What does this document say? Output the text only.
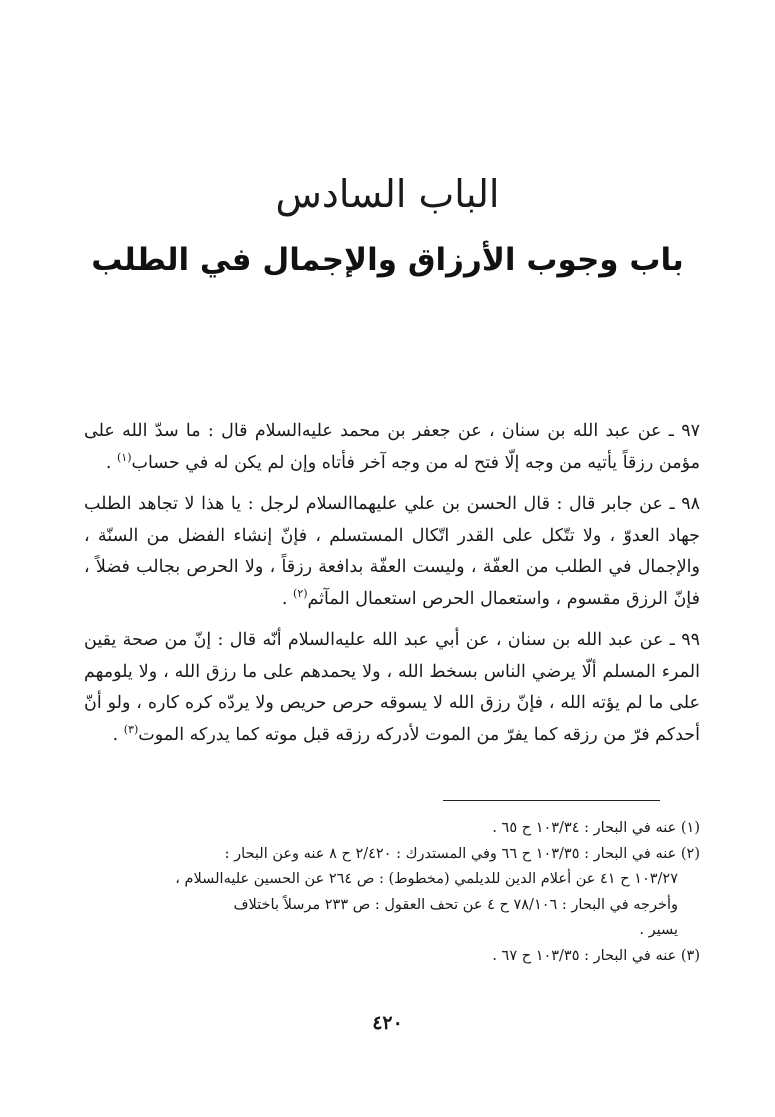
الباب السادس
باب وجوب الأرزاق والإجمال في الطلب

٩٧ ـ عن عبد الله بن سنان ، عن جعفر بن محمد عليه‌السلام قال : ما سدّ الله على مؤمن رزقاً يأتيه من وجه إلّا فتح له من وجه آخر فأتاه وإن لم يكن له في حساب$^{(١)}$ .

٩٨ ـ عن جابر قال : قال الحسن بن علي عليهما‌السلام لرجل : يا هذا لا تجاهد الطلب جهاد العدوّ ، ولا تتّكل على القدر اتّكال المستسلم ، فإنّ إنشاء الفضل من السنّة ، والإجمال في الطلب من العفّة ، وليست العفّة بدافعة رزقاً ، ولا الحرص بجالب فضلاً ، فإنّ الرزق مقسوم ، واستعمال الحرص استعمال المآثم$^{(٢)}$ .

٩٩ ـ عن عبد الله بن سنان ، عن أبي عبد الله عليه‌السلام أنّه قال : إنّ من صحة يقين المرء المسلم ألّا يرضي الناس بسخط الله ، ولا يحمدهم على ما رزق الله ، ولا يلومهم على ما لم يؤته الله ، فإنّ رزق الله لا يسوقه حرص حريص ولا يردّه كره كاره ، ولو أنّ أحدكم فرّ من رزقه كما يفرّ من الموت لأدركه رزقه قبل موته كما يدركه الموت$^{(٣)}$ .

(١) عنه في البحار : ١٠٣/٣٤ ح ٦٥ .
(٢) عنه في البحار : ١٠٣/٣٥ ح ٦٦ وفي المستدرك : ٢/٤٢٠ ح ٨ عنه وعن البحار :
١٠٣/٢٧ ح ٤١ عن أعلام الدين للديلمي (مخطوط) : ص ٢٦٤ عن الحسين عليه‌السلام ،
وأخرجه في البحار : ٧٨/١٠٦ ح ٤ عن تحف العقول : ص ٢٣٣ مرسلاً باختلاف
يسير .
(٣) عنه في البحار : ١٠٣/٣٥ ح ٦٧ .
٤٢٠
